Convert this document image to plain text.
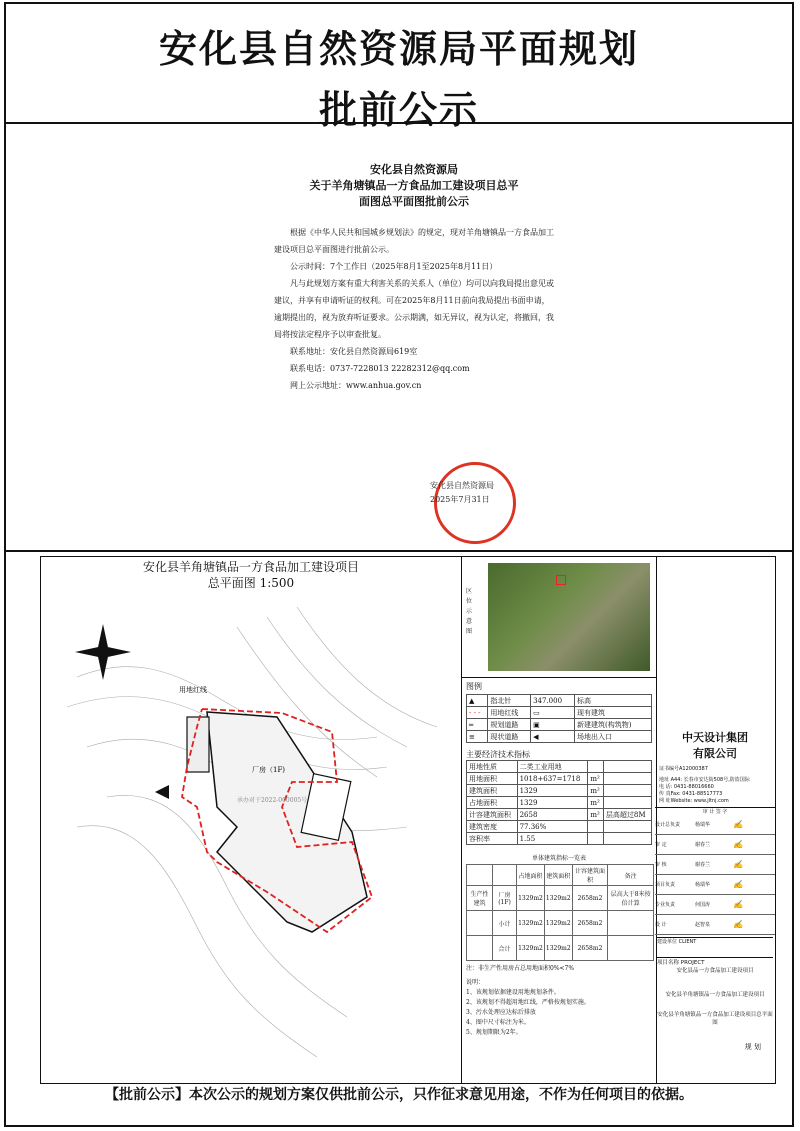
安化县自然资源局平面规划
批前公示
安化县自然资源局
关于羊角塘镇品一方食品加工建设项目总平
面图总平面图批前公示

根据《中华人民共和国城乡规划法》的规定，现对羊角塘镇品一方食品加工建设项目总平面图进行批前公示。

公示时间：7个工作日（2025年8月1至2025年8月11日）

凡与此规划方案有重大利害关系的关系人（单位）均可以向我局提出意见或建议，并享有申请听证的权利。可在2025年8月11日前向我局提出书面申请，逾期提出的，视为放弃听证要求。公示期满，如无异议，视为认定，将撤回，我局将按法定程序予以审查批复。

联系地址：安化县自然资源局619室
联系电话：0737-7228013 22282312@qq.com
网上公示地址：www.anhua.gov.cn
安化县自然资源局
2025年7月31日
安化县羊角塘镇品一方食品加工建设项目
总平面图 1:500
用地红线
厂房（1F)
承办对于2022-000005号
区位示意图
图例
▲	指北针	347.000	标高
- - -	用地红线	▭	现有建筑
═	规划道路	▣	新建建筑(构筑物)
≡	现状道路	◀	场地出入口
主要经济技术指标
用地性质	二类工业用地		
用地面积	1018+637=1718	m²	
建筑面积	1329	m²	
占地面积	1329	m²	
计容建筑面积	2658	m²	层高超过8M
建筑密度	77.36%		
容积率	1.55		
单体建筑指标一览表
		占地面积	建筑面积	计容建筑面积	备注
生产性建筑	厂房(1F)	1329m2	1329m2	2658m2	层高大于8米按倍计算
	小计	1329m2	1329m2	2658m2	
	合计	1329m2	1329m2	2658m2	
注：非生产性用房占总用地面积0%<7%
说明：
1、该规划依据建设用地规划条件。
2、该规划不得超用地红线，严格按规划实施。
3、污水处理应达标后排放
4、图中尺寸标注为米。
5、规划期限为2年。
中天设计集团
有限公司
证书编号A12000387
地址 A44: 长春市安达街508号,防盗国际
电 话: 0431-88016660
传 真Fax: 0431-88517773
网 址Website: www.jltnj.com
审 计 签 字
设计总负责	杨瑞华	✍
审 定	谢春兰	✍
审 核	谢春兰	✍
项目负责	杨瑞华	✍
专业负责	何国涛	✍
设 计	赵智泉	✍
建设单位 CLIENT
项目名称 PROJECT
安化县品一方食品加工建设项目
安化县羊角塘镇品一方食品加工建设项目
安化县羊角塘镇品一方食品加工建设项目总平面图
规 划
【批前公示】本次公示的规划方案仅供批前公示，只作征求意见用途，不作为任何项目的依据。
